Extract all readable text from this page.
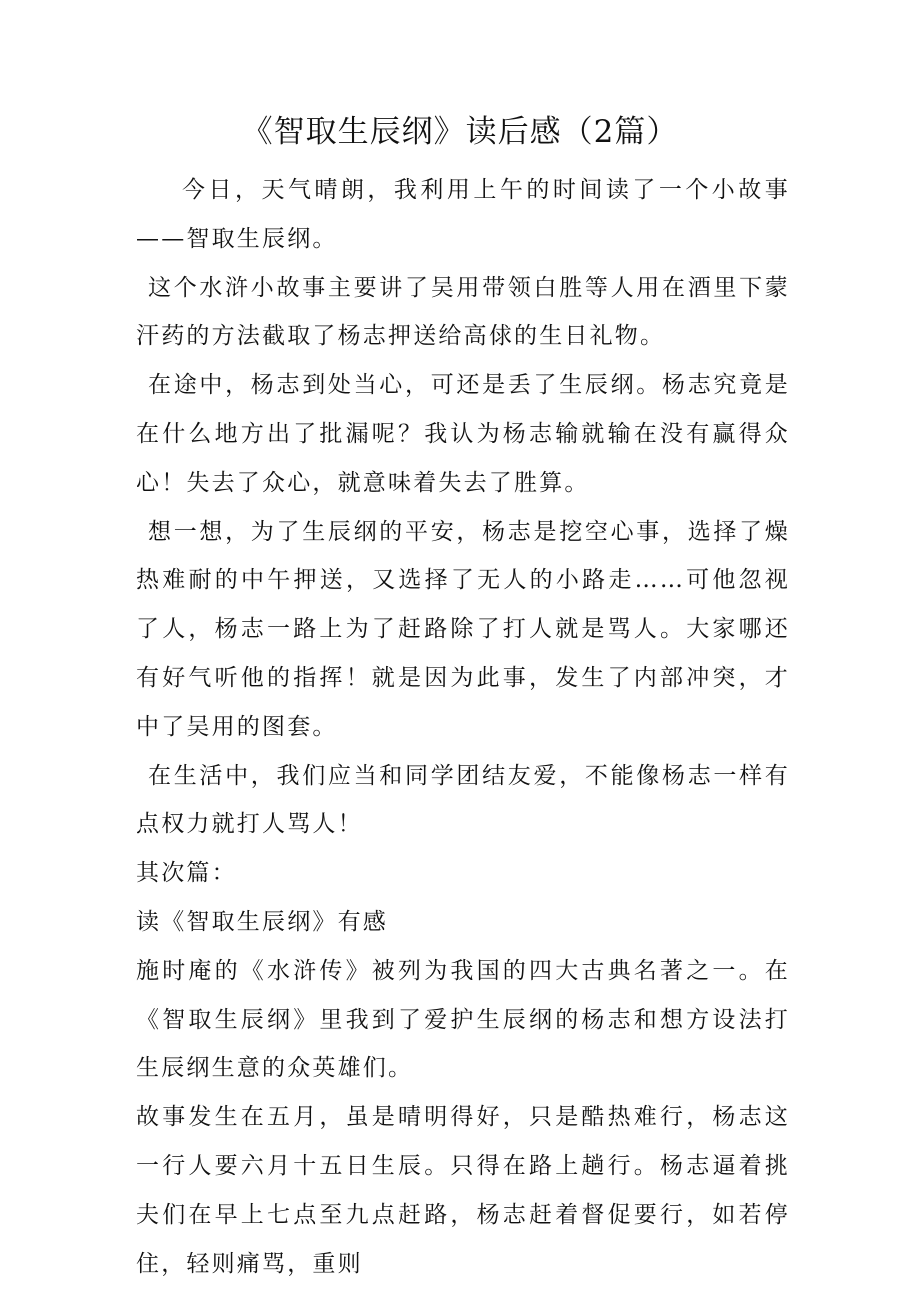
《智取生辰纲》读后感（2篇）

今日，天气晴朗，我利用上午的时间读了一个小故事——智取生辰纲。

这个水浒小故事主要讲了吴用带领白胜等人用在酒里下蒙汗药的方法截取了杨志押送给高俅的生日礼物。

在途中，杨志到处当心，可还是丢了生辰纲。杨志究竟是在什么地方出了批漏呢？我认为杨志输就输在没有赢得众心！失去了众心，就意味着失去了胜算。

想一想，为了生辰纲的平安，杨志是挖空心事，选择了燥热难耐的中午押送，又选择了无人的小路走……可他忽视了人，杨志一路上为了赶路除了打人就是骂人。大家哪还有好气听他的指挥！就是因为此事，发生了内部冲突，才中了吴用的图套。

在生活中，我们应当和同学团结友爱，不能像杨志一样有点权力就打人骂人！

其次篇：

读《智取生辰纲》有感

施时庵的《水浒传》被列为我国的四大古典名著之一。在《智取生辰纲》里我到了爱护生辰纲的杨志和想方设法打生辰纲生意的众英雄们。

故事发生在五月，虽是晴明得好，只是酷热难行，杨志这一行人要六月十五日生辰。只得在路上趟行。杨志逼着挑夫们在早上七点至九点赶路，杨志赶着督促要行，如若停住，轻则痛骂，重则
